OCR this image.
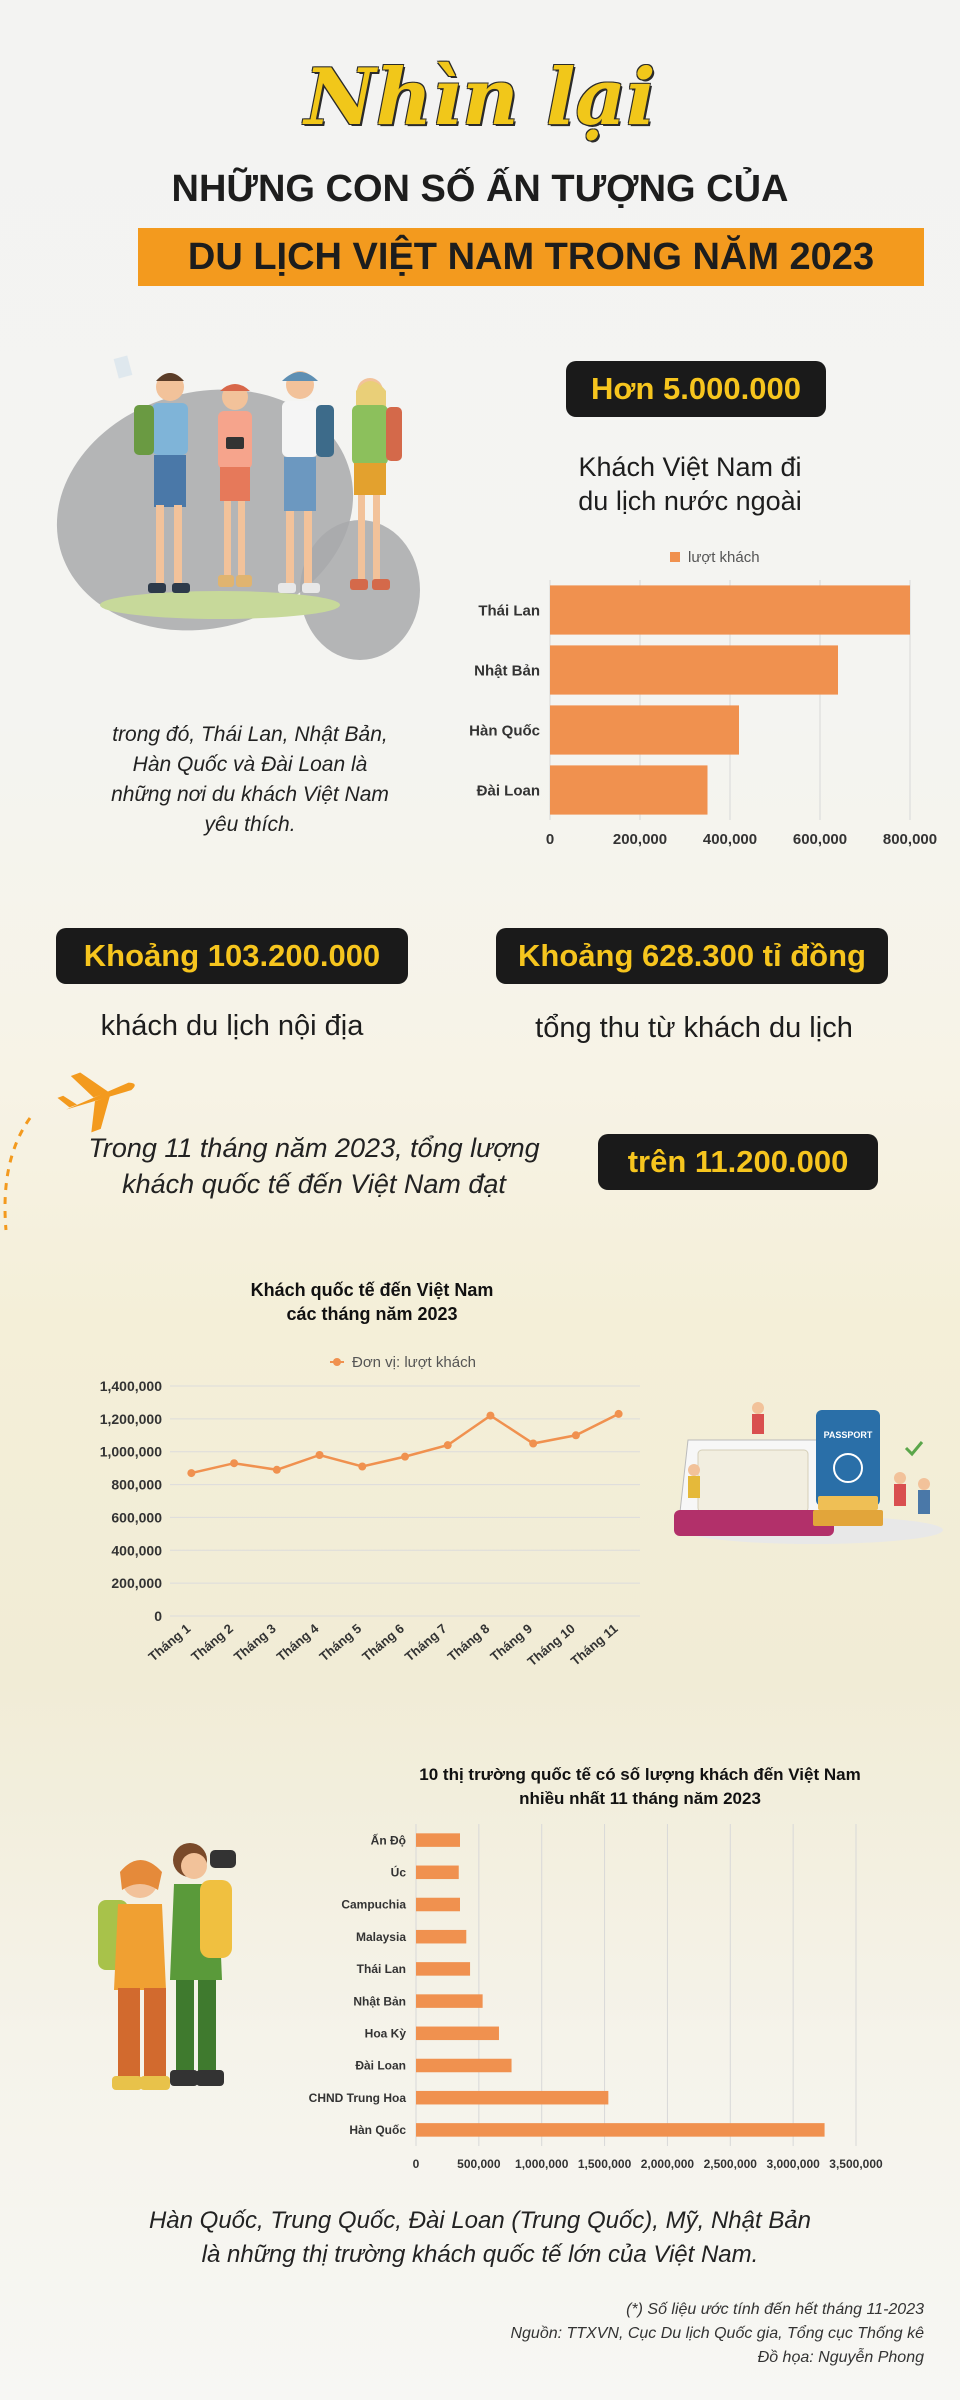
Nhìn lại
NHỮNG CON SỐ ẤN TƯỢNG CỦA
DU LỊCH VIỆT NAM TRONG NĂM 2023
Hơn 5.000.000
Khách Việt Nam đi
du lịch nước ngoài
trong đó, Thái Lan, Nhật Bản,
Hàn Quốc và Đài Loan là
những nơi du khách Việt Nam
yêu thích.
lượt khách
Thái Lan
Nhật Bản
Hàn Quốc
Đài Loan
0	200,000 400,000 600,000 800,000
Khoảng 103.200.000
khách du lịch nội địa
Khoảng 628.300 tỉ đồng
tổng thu từ khách du lịch
Trong 11 tháng năm 2023, tổng lượng
khách quốc tế đến Việt Nam đạt
trên 11.200.000
Khách quốc tế đến Việt Nam
các tháng năm 2023
Đơn vị: lượt khách
1,400,000
1,200,000
1,000,000
800,000
600,000
400,000
200,000
0
Tháng 1
Tháng 2
Tháng 3
Tháng 4
Tháng 5
Tháng 6
Tháng 7
Tháng 8
Tháng 9
Tháng 10
Tháng 11
PASSPORT
10 thị trường quốc tế có số lượng khách đến Việt Nam
nhiều nhất 11 tháng năm 2023
Ấn Độ
Úc
Campuchia
Malaysia
Thái Lan
Nhật Bản
Hoa Kỳ
Đài Loan
CHND Trung Hoa
Hàn Quốc
0	500,000 1,000,000 1,500,000 2,000,000 2,500,000 3,000,000 3,500,000
Hàn Quốc, Trung Quốc, Đài Loan (Trung Quốc), Mỹ, Nhật Bản
là những thị trường khách quốc tế lớn của Việt Nam.
(*) Số liệu ước tính đến hết tháng 11-2023
Nguồn: TTXVN, Cục Du lịch Quốc gia, Tổng cục Thống kê
Đồ họa: Nguyễn Phong
